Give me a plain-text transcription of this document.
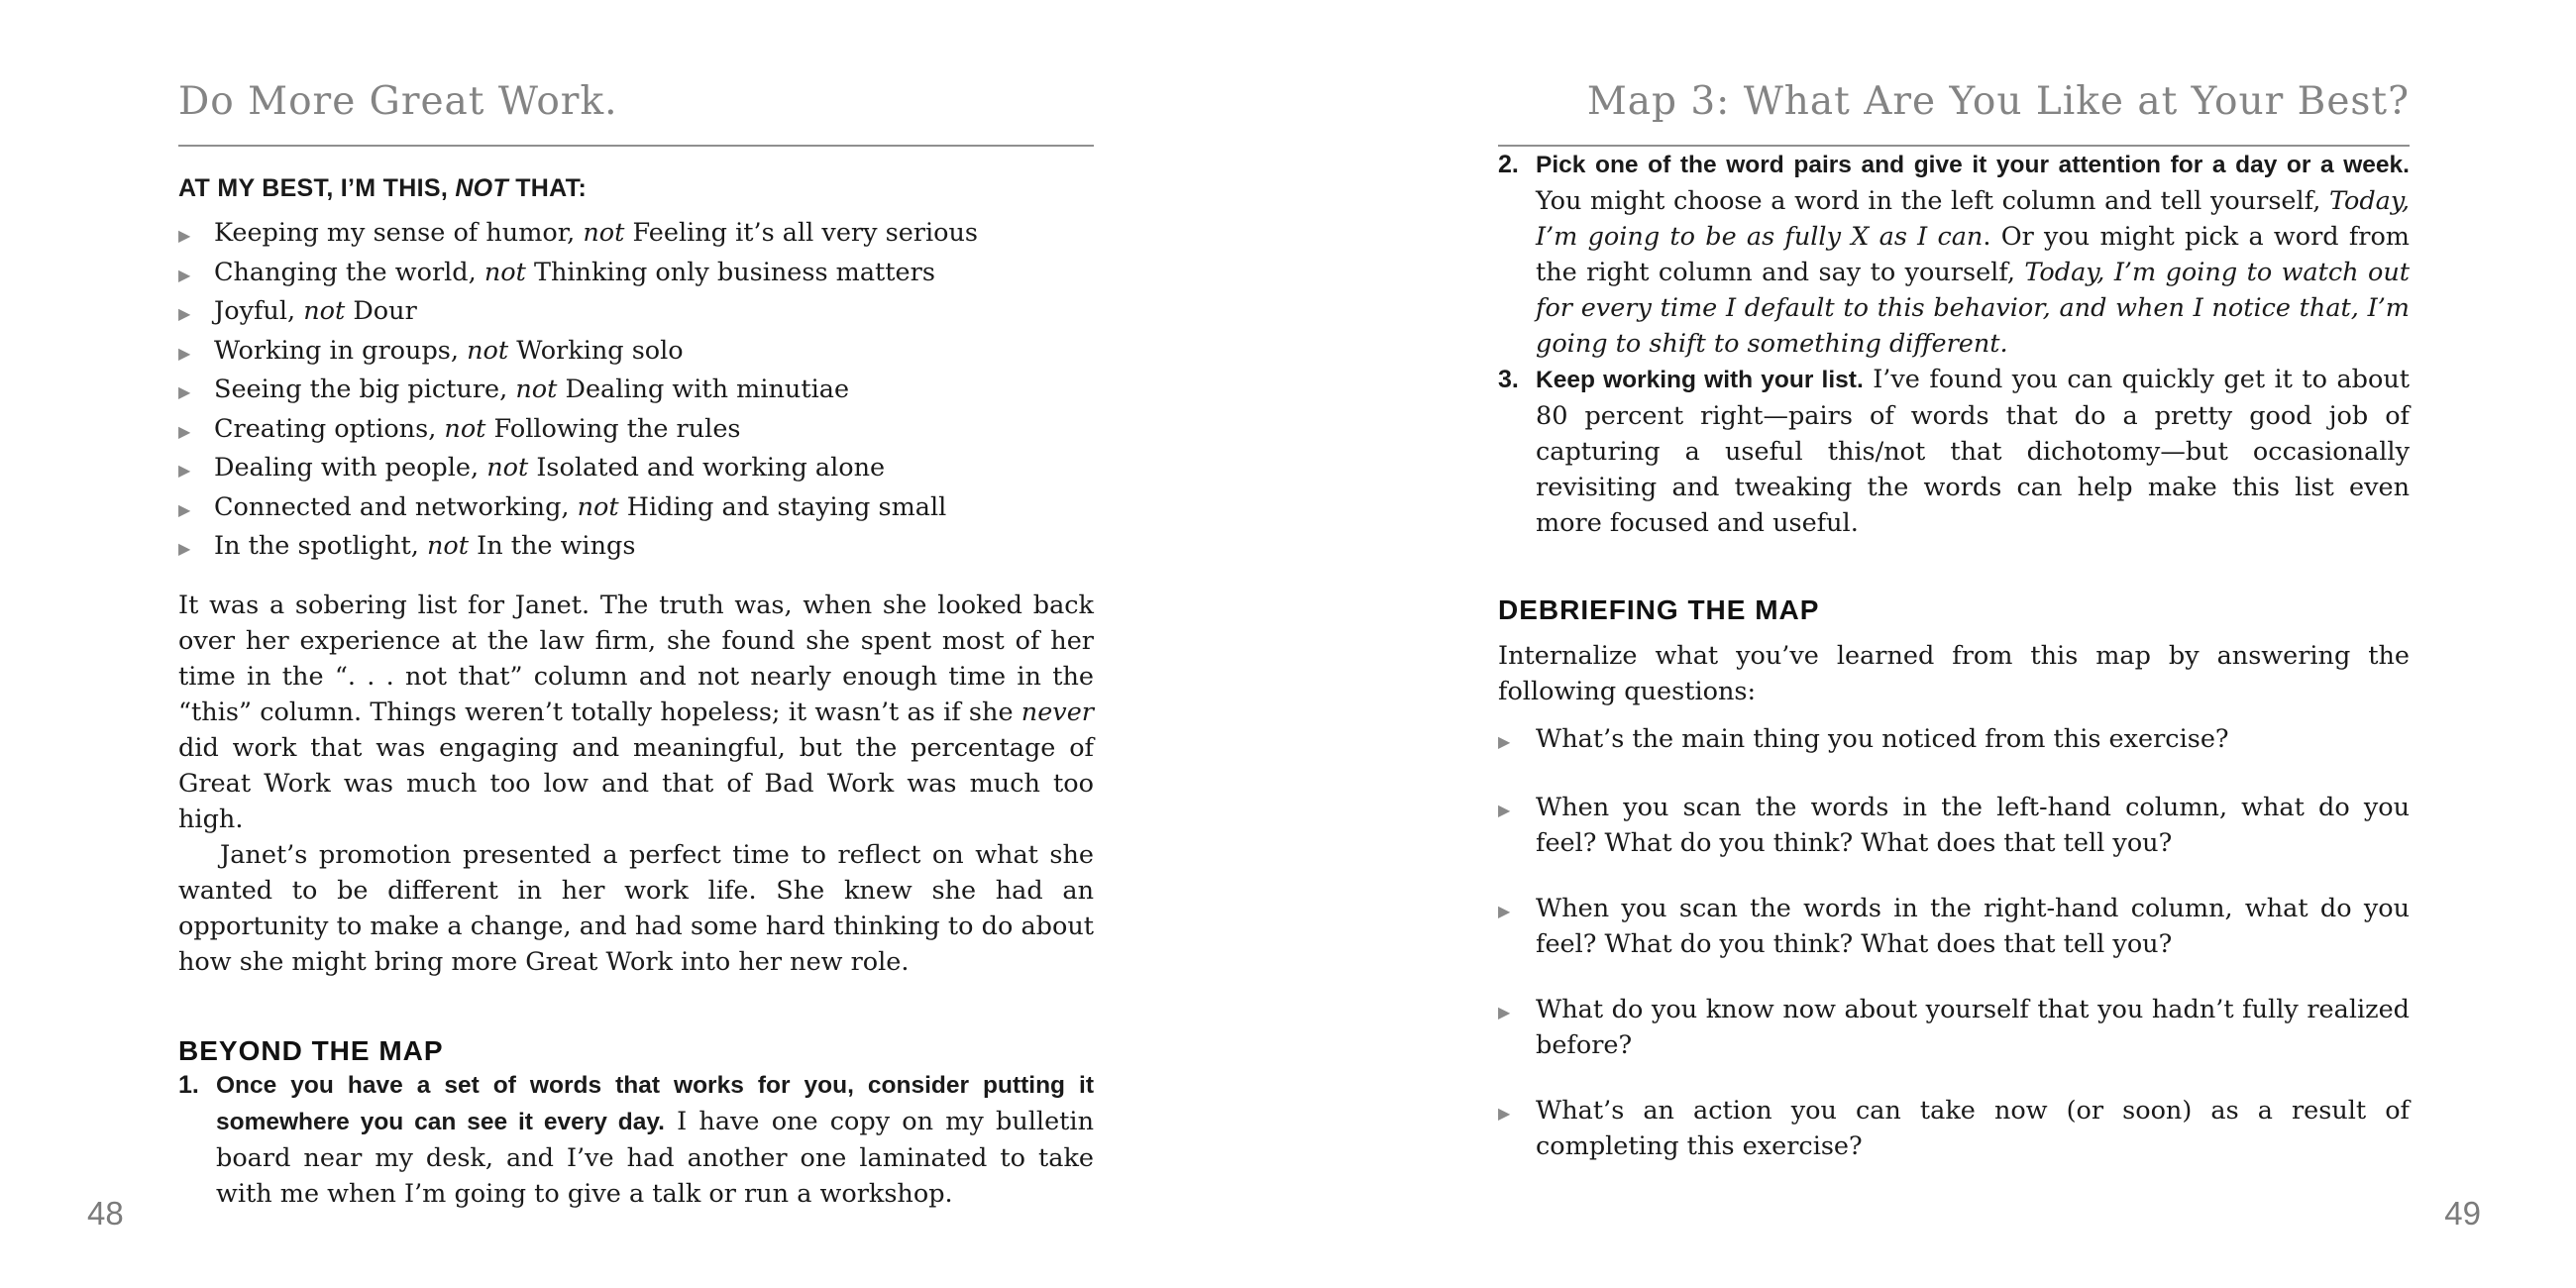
Do More Great Work.
AT MY BEST, I’M THIS, NOT THAT:
▶ Keeping my sense of humor, not Feeling it’s all very serious
▶ Changing the world, not Thinking only business matters
▶ Joyful, not Dour
▶ Working in groups, not Working solo
▶ Seeing the big picture, not Dealing with minutiae
▶ Creating options, not Following the rules
▶ Dealing with people, not Isolated and working alone
▶ Connected and networking, not Hiding and staying small
▶ In the spotlight, not In the wings

It was a sobering list for Janet. The truth was, when she looked back over her experience at the law firm, she found she spent most of her time in the “. . . not that” column and not nearly enough time in the “this” column. Things weren’t totally hopeless; it wasn’t as if she never did work that was engaging and meaningful, but the percentage of Great Work was much too low and that of Bad Work was much too high.

Janet’s promotion presented a perfect time to reflect on what she wanted to be different in her work life. She knew she had an opportunity to make a change, and had some hard thinking to do about how she might bring more Great Work into her new role.

BEYOND THE MAP
1. Once you have a set of words that works for you, consider putting it somewhere you can see it every day. I have one copy on my bulletin board near my desk, and I’ve had another one laminated to take with me when I’m going to give a talk or run a workshop.
48
Map 3: What Are You Like at Your Best?
2. Pick one of the word pairs and give it your attention for a day or a week. You might choose a word in the left column and tell yourself, Today, I’m going to be as fully X as I can. Or you might pick a word from the right column and say to yourself, Today, I’m going to watch out for every time I default to this behavior, and when I notice that, I’m going to shift to something different.
3. Keep working with your list. I’ve found you can quickly get it to about 80 percent right—pairs of words that do a pretty good job of capturing a useful this/not that dichotomy—but occasionally revisiting and tweaking the words can help make this list even more focused and useful.
DEBRIEFING THE MAP

Internalize what you’ve learned from this map by answering the following questions:

▶	What’s the main thing you noticed from this exercise?
▶	When you scan the words in the left-hand column, what do you feel? What do you think? What does that tell you?
▶	When you scan the words in the right-hand column, what do you feel? What do you think? What does that tell you?
▶	What do you know now about yourself that you hadn’t fully realized before?
▶	What’s an action you can take now (or soon) as a result of completing this exercise?
49
